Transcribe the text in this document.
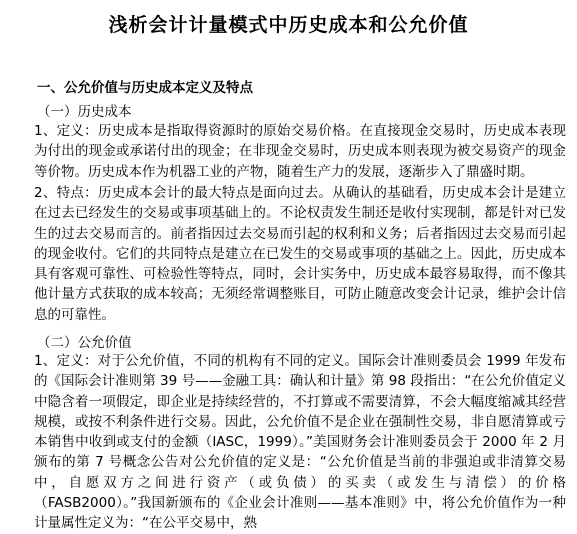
浅析会计计量模式中历史成本和公允价值
一、公允价值与历史成本定义及特点
（一）历史成本
1、定义：历史成本是指取得资源时的原始交易价格。在直接现金交易时，历史成本表现为付出的现金或承诺付出的现金；在非现金交易时，历史成本则表现为被交易资产的现金等价物。历史成本作为机器工业的产物，随着生产力的发展，逐渐步入了鼎盛时期。
2、特点：历史成本会计的最大特点是面向过去。从确认的基础看，历史成本会计是建立在过去已经发生的交易或事项基础上的。不论权责发生制还是收付实现制，都是针对已发生的过去交易而言的。前者指因过去交易而引起的权利和义务；后者指因过去交易而引起的现金收付。它们的共同特点是建立在已发生的交易或事项的基础之上。因此，历史成本具有客观可靠性、可检验性等特点，同时，会计实务中，历史成本最容易取得，而不像其他计量方式获取的成本较高；无须经常调整账目，可防止随意改变会计记录，维护会计信息的可靠性。
（二）公允价值
1、定义：对于公允价值，不同的机构有不同的定义。国际会计准则委员会 1999 年发布的《国际会计准则第 39 号——金融工具：确认和计量》第 98 段指出：“在公允价值定义中隐含着一项假定，即企业是持续经营的，不打算或不需要清算，不会大幅度缩减其经营规模，或按不利条件进行交易。因此，公允价值不是企业在强制性交易，非自愿清算或亏本销售中收到或支付的金额（IASC，1999）。”美国财务会计准则委员会于 2000 年 2 月颁布的第 7 号概念公告对公允价值的定义是：“公允价值是当前的非强迫或非清算交易中，自愿双方之间进行资产（或负债）的买卖（或发生与清偿）的价格（FASB2000）。”我国新颁布的《企业会计准则——基本准则》中，将公允价值作为一种计量属性定义为：“在公平交易中，熟
